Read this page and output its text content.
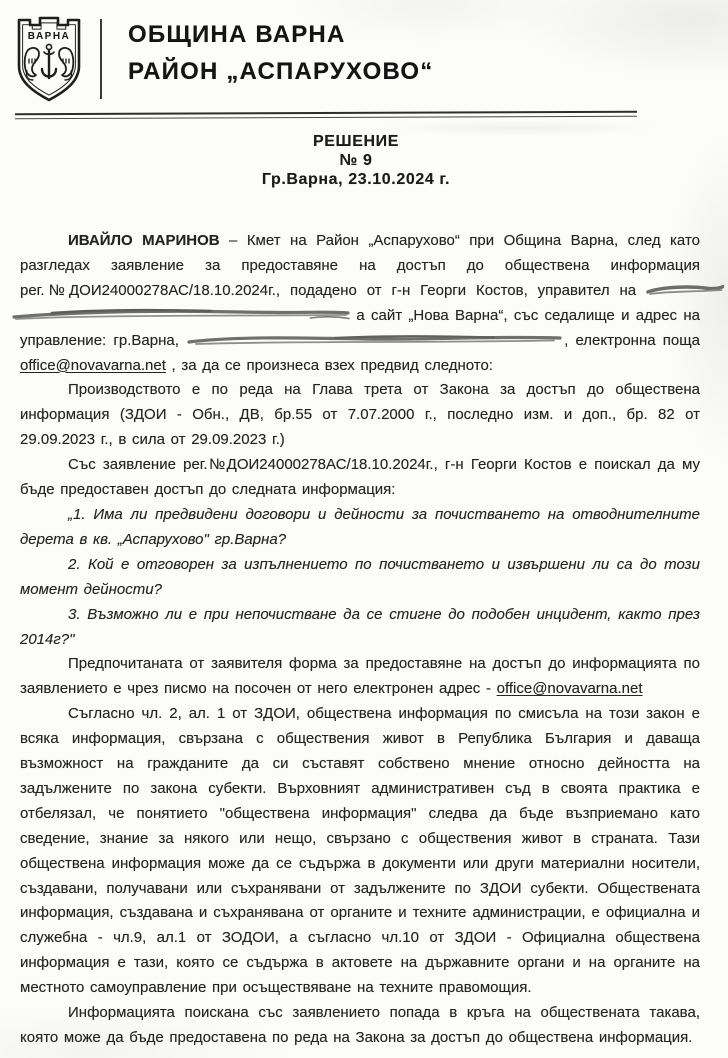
ВАРНА ОБЩИНА ВАРНА
РАЙОН „АСПАРУХОВО“
РЕШЕНИЕ
№ 9
Гр.Варна, 23.10.2024 г.
ИВАЙЛО МАРИНОВ – Кмет на Район „Аспарухово“ при Община Варна, след като
разгледах заявление за предоставяне на достъп до обществена информация
рег.№ДОИ24000278АС/18.10.2024г., подадено от г-н Георги Костов, управител на
а сайт „Нова Варна“, със седалище и адрес на
управление: гр.Варна,	, електронна поща
office@novavarna.net , за да се произнеса взех предвид следното:

Производството е по реда на Глава трета от Закона за достъп до обществена информация (ЗДОИ - Обн., ДВ, бр.55 от 7.07.2000 г., последно изм. и доп., бр. 82 от 29.09.2023 г., в сила от 29.09.2023 г.)

Със заявление рег.№ДОИ24000278АС/18.10.2024г., г-н Георги Костов е поискал да му бъде предоставен достъп до следната информация:

„1. Има ли предвидени договори и дейности за почистването на отводнителните дерета в кв. „Аспарухово" гр.Варна?

2. Кой е отговорен за изпълнението по почистването и извършени ли са до този момент дейности?

3. Възможно ли е при непочистване да се стигне до подобен инцидент, както през 2014г?"

Предпочитаната от заявителя форма за предоставяне на достъп до информацията по заявлението е чрез писмо на посочен от него електронен адрес - office@novavarna.net

Съгласно чл. 2, ал. 1 от ЗДОИ, обществена информация по смисъла на този закон е всяка информация, свързана с обществения живот в Република България и даваща възможност на гражданите да си съставят собствено мнение относно дейността на задължените по закона субекти. Върховният административен съд в своята практика е отбелязал, че понятието "обществена информация" следва да бъде възприемано като сведение, знание за някого или нещо, свързано с обществения живот в страната. Тази обществена информация може да се съдържа в документи или други материални носители, създавани, получавани или съхранявани от задължените по ЗДОИ субекти. Обществената информация, създавана и съхранявана от органите и техните администрации, е официална и служебна - чл.9, ал.1 от ЗОДОИ, а съгласно чл.10 от ЗДОИ - Официална обществена информация е тази, която се съдържа в актовете на държавните органи и на органите на местното самоуправление при осъществяване на техните правомощия.

Информацията поискана със заявлението попада в кръга на обществената такава, която може да бъде предоставена по реда на Закона за достъп до обществена информация.
